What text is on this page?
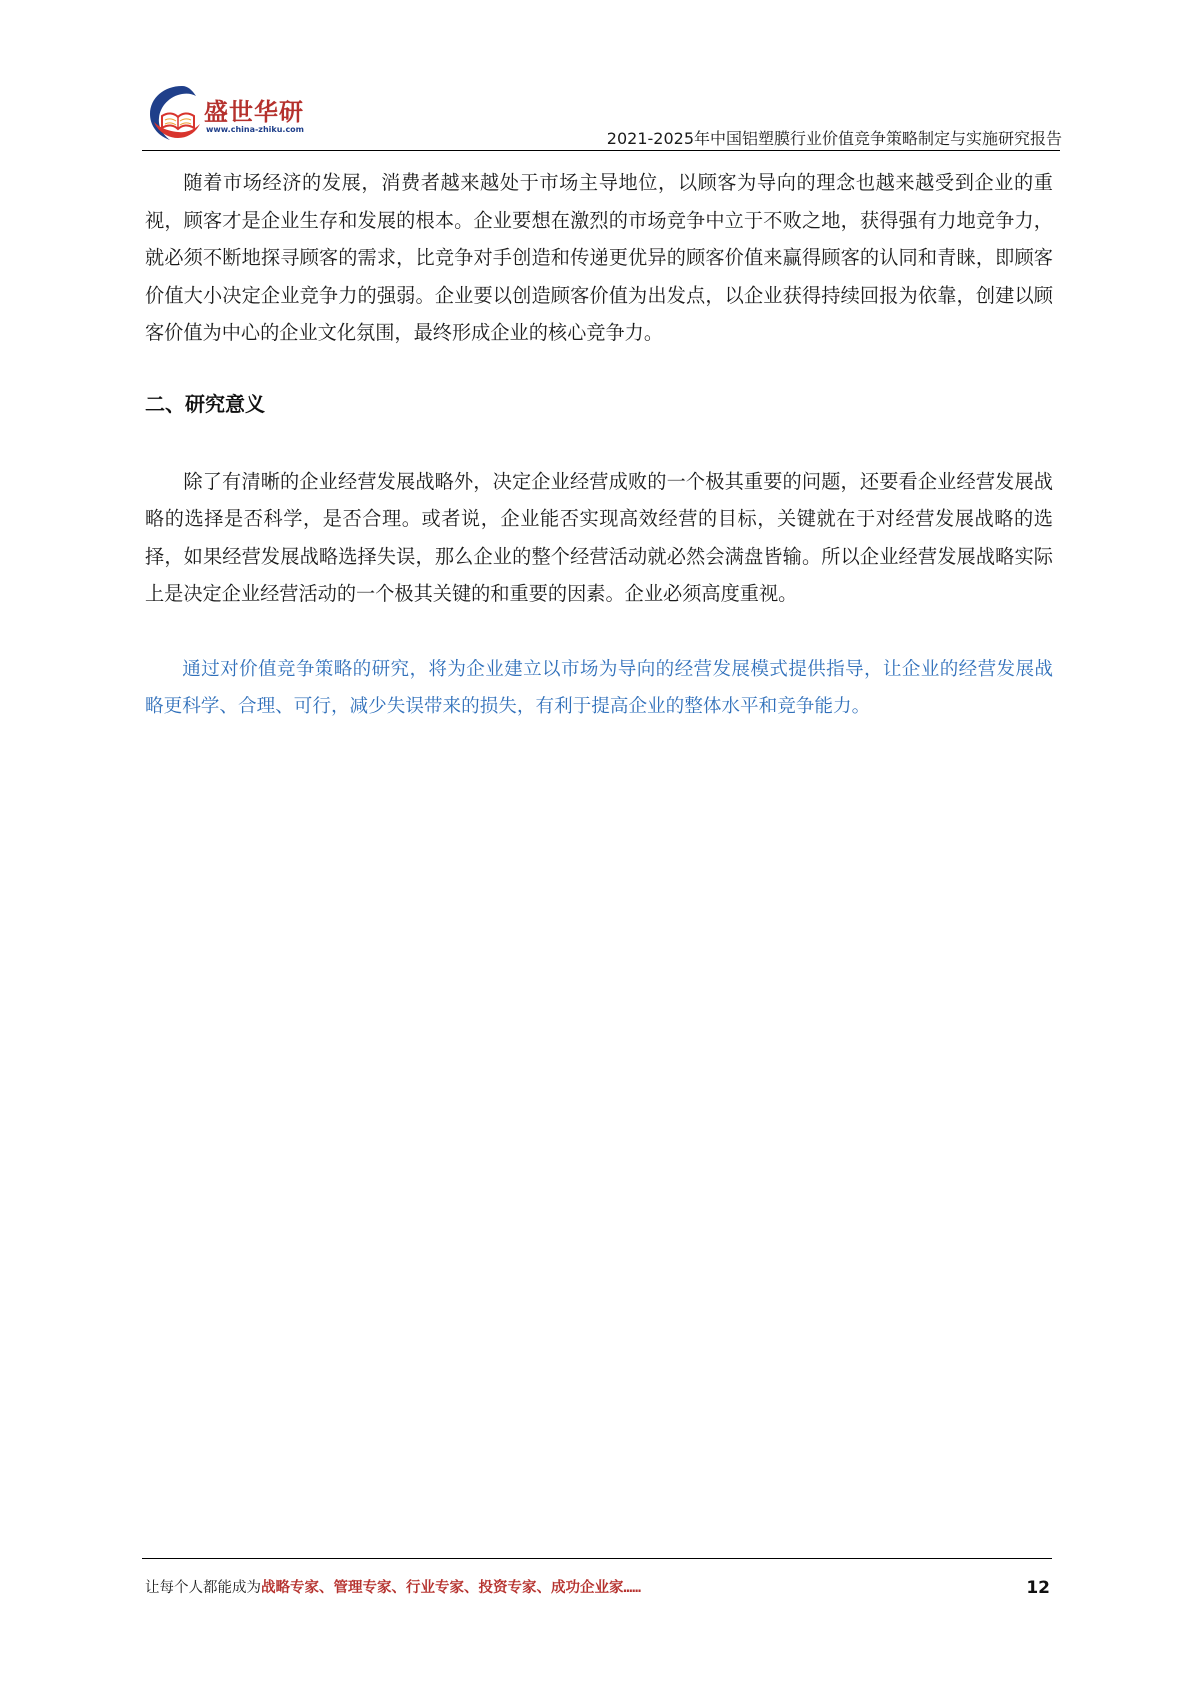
盛世华研
www.china-zhiku.com	2021-2025年中国铝塑膜行业价值竞争策略制定与实施研究报告

随着市场经济的发展，消费者越来越处于市场主导地位，以顾客为导向的理念也越来越受到企业的重视，顾客才是企业生存和发展的根本。企业要想在激烈的市场竞争中立于不败之地，获得强有力地竞争力，就必须不断地探寻顾客的需求，比竞争对手创造和传递更优异的顾客价值来赢得顾客的认同和青睐，即顾客价值大小决定企业竞争力的强弱。企业要以创造顾客价值为出发点，以企业获得持续回报为依靠，创建以顾客价值为中心的企业文化氛围，最终形成企业的核心竞争力。

二、研究意义

除了有清晰的企业经营发展战略外，决定企业经营成败的一个极其重要的问题，还要看企业经营发展战略的选择是否科学，是否合理。或者说，企业能否实现高效经营的目标，关键就在于对经营发展战略的选择，如果经营发展战略选择失误，那么企业的整个经营活动就必然会满盘皆输。所以企业经营发展战略实际上是决定企业经营活动的一个极其关键的和重要的因素。企业必须高度重视。

通过对价值竞争策略的研究，将为企业建立以市场为导向的经营发展模式提供指导，让企业的经营发展战略更科学、合理、可行，减少失误带来的损失，有利于提高企业的整体水平和竞争能力。

让每个人都能成为战略专家、管理专家、行业专家、投资专家、成功企业家……	12
